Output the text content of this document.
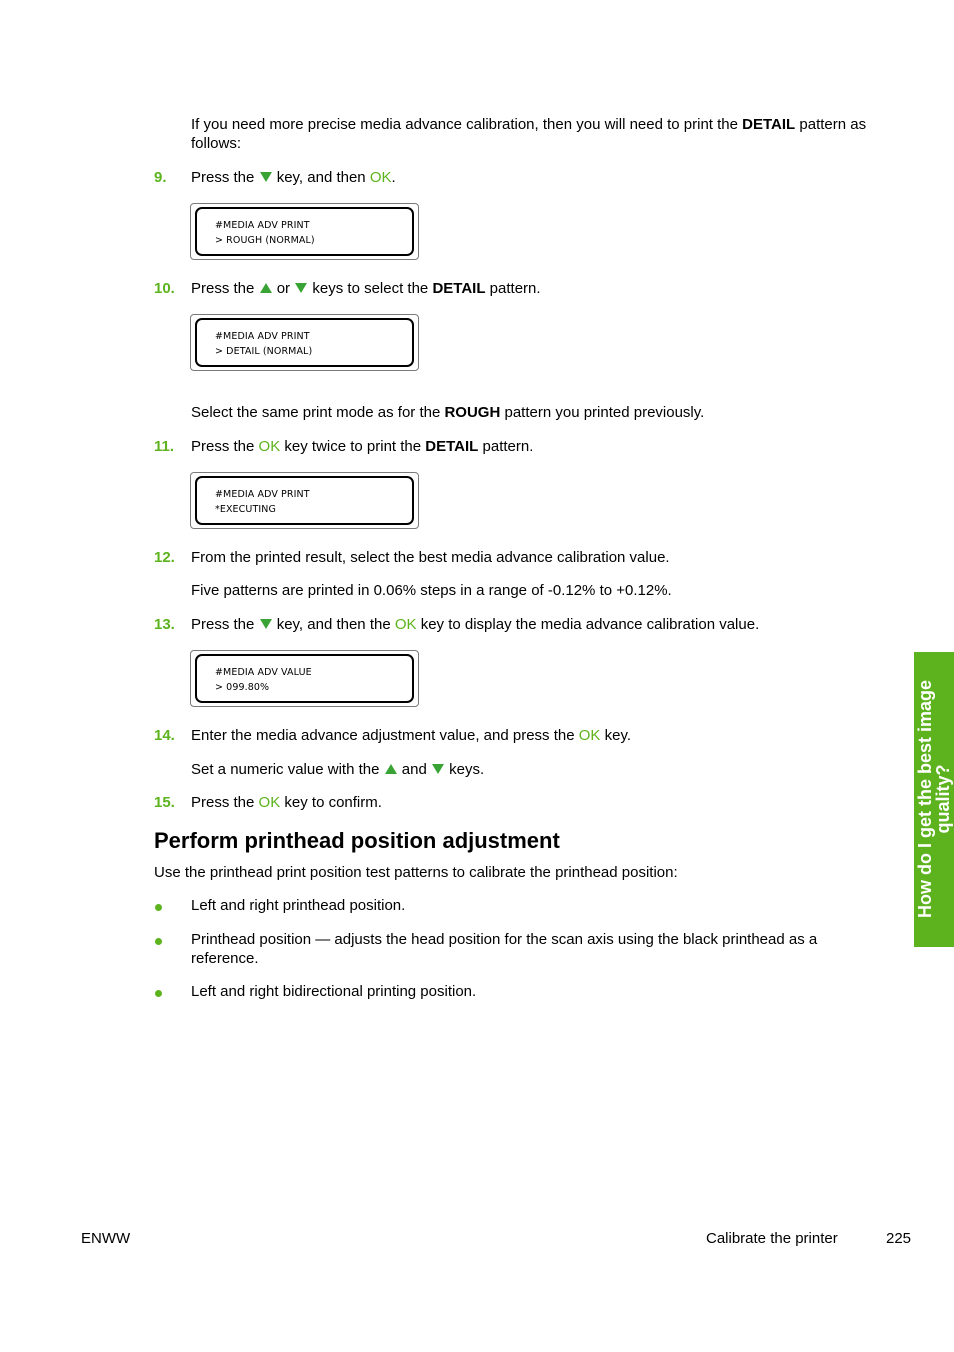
If you need more precise media advance calibration, then you will need to print the DETAIL pattern as follows:
9. Press the  key, and then OK.
#MEDIA ADV PRINT
> ROUGH (NORMAL)
10. Press the  or  keys to select the DETAIL pattern.
#MEDIA ADV PRINT
> DETAIL (NORMAL)
Select the same print mode as for the ROUGH pattern you printed previously.
11. Press the OK key twice to print the DETAIL pattern.
#MEDIA ADV PRINT
*EXECUTING
12. From the printed result, select the best media advance calibration value.
Five patterns are printed in 0.06% steps in a range of -0.12% to +0.12%.
13. Press the  key, and then the OK key to display the media advance calibration value.
#MEDIA ADV VALUE
> 099.80%
14. Enter the media advance adjustment value, and press the OK key.
Set a numeric value with the  and  keys.
15. Press the OK key to confirm.
Perform printhead position adjustment
Use the printhead print position test patterns to calibrate the printhead position:
Left and right printhead position.
Printhead position — adjusts the head position for the scan axis using the black printhead as a reference.
Left and right bidirectional printing position.
How do I get the best image quality?
ENWW	Calibrate the printer	225
